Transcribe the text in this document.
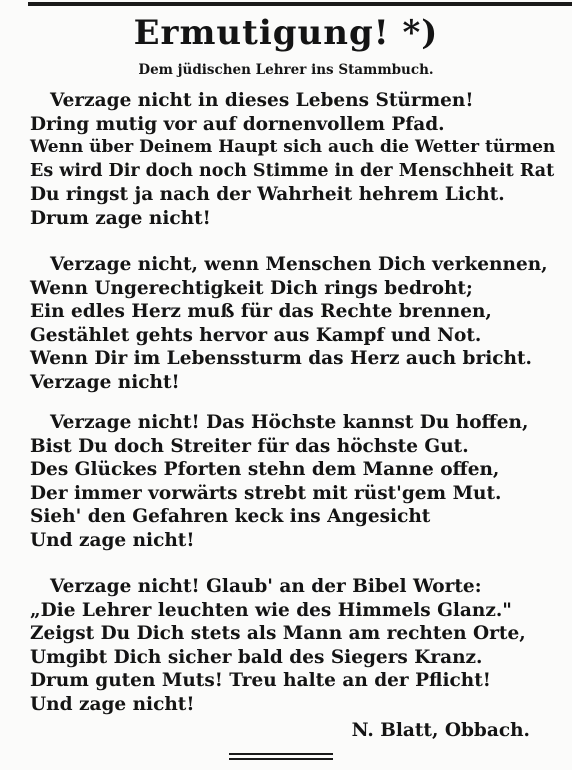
Ermutigung! *)
Dem jüdischen Lehrer ins Stammbuch.
Verzage nicht in dieses Lebens Stürmen!
Dring mutig vor auf dornenvollem Pfad.
Wenn über Deinem Haupt sich auch die Wetter türmen
Es wird Dir doch noch Stimme in der Menschheit Rat
Du ringst ja nach der Wahrheit hehrem Licht.
Drum zage nicht!
Verzage nicht, wenn Menschen Dich verkennen,
Wenn Ungerechtigkeit Dich rings bedroht;
Ein edles Herz muß für das Rechte brennen,
Gestählet gehts hervor aus Kampf und Not.
Wenn Dir im Lebenssturm das Herz auch bricht.
Verzage nicht!
Verzage nicht! Das Höchste kannst Du hoffen,
Bist Du doch Streiter für das höchste Gut.
Des Glückes Pforten stehn dem Manne offen,
Der immer vorwärts strebt mit rüst'gem Mut.
Sieh' den Gefahren keck ins Angesicht
Und zage nicht!
Verzage nicht! Glaub' an der Bibel Worte:
„Die Lehrer leuchten wie des Himmels Glanz."
Zeigst Du Dich stets als Mann am rechten Orte,
Umgibt Dich sicher bald des Siegers Kranz.
Drum guten Muts! Treu halte an der Pflicht!
Und zage nicht!
N. Blatt, Obbach.
